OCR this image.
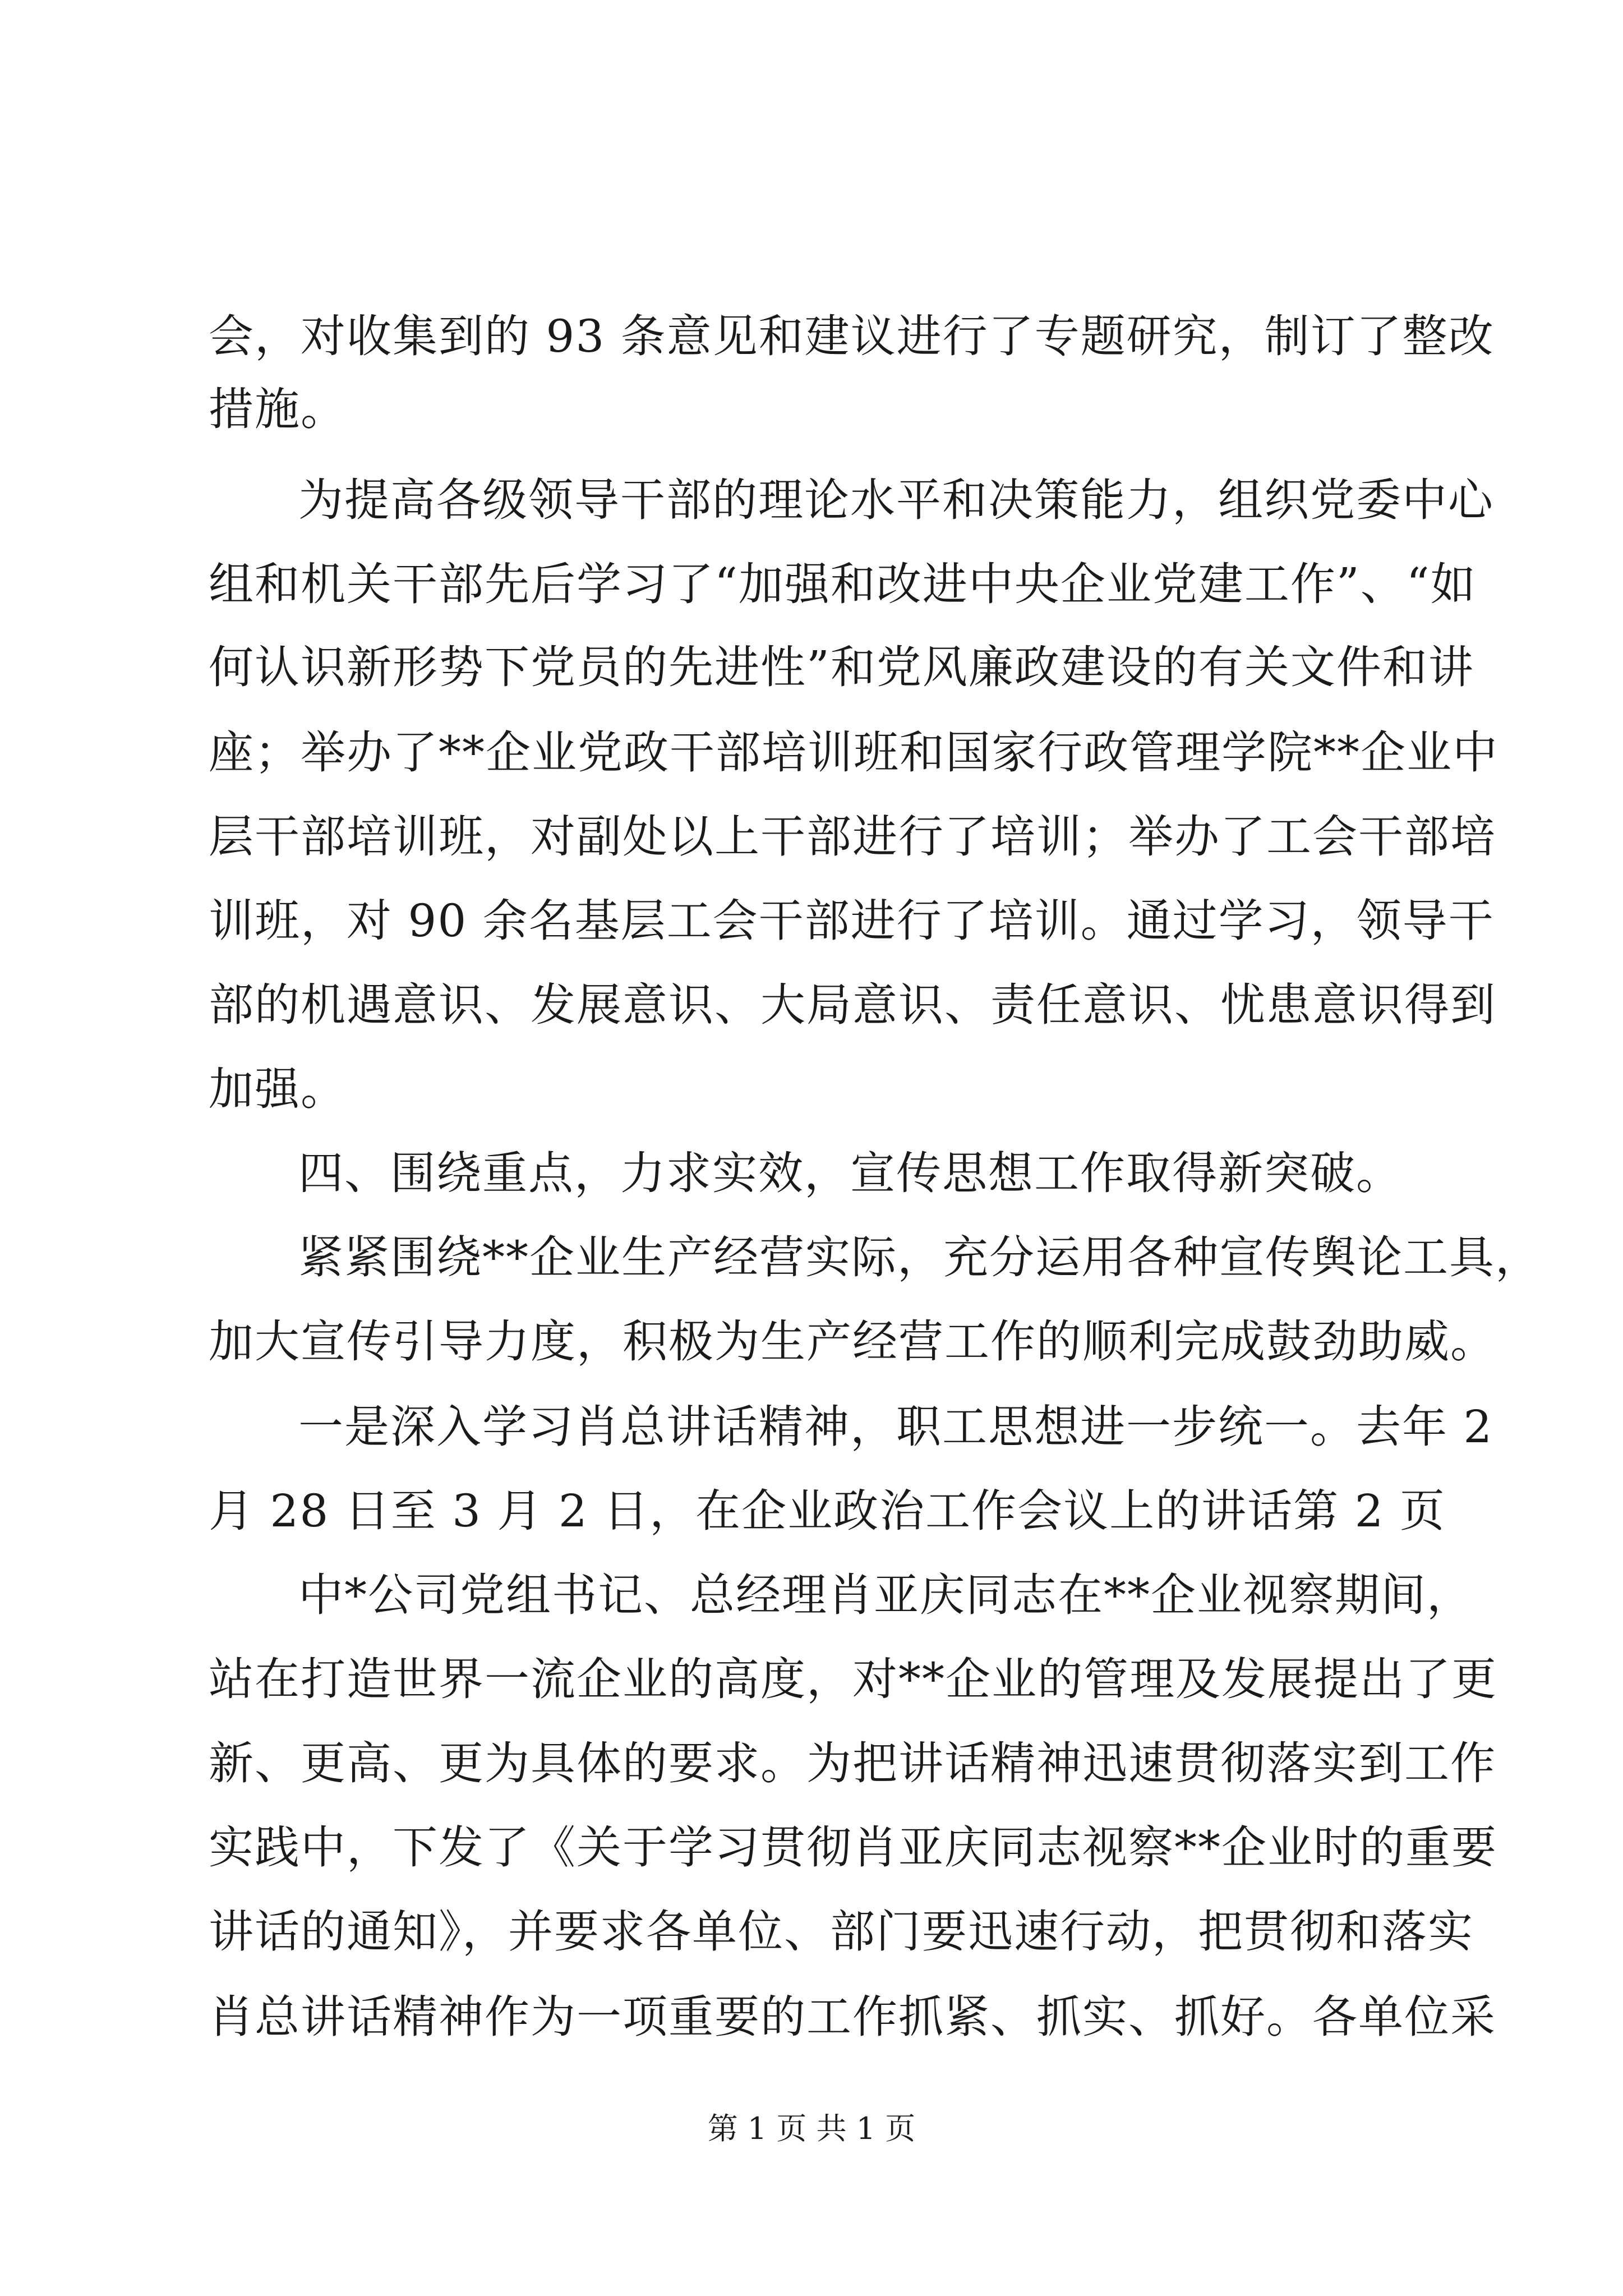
会，对收集到的 93 条意见和建议进行了专题研究，制订了整改
措施。
为提高各级领导干部的理论水平和决策能力，组织党委中心
组和机关干部先后学习了“加强和改进中央企业党建工作”、“如
何认识新形势下党员的先进性”和党风廉政建设的有关文件和讲
座；举办了**企业党政干部培训班和国家行政管理学院**企业中
层干部培训班，对副处以上干部进行了培训；举办了工会干部培
训班，对 90 余名基层工会干部进行了培训。通过学习，领导干
部的机遇意识、发展意识、大局意识、责任意识、忧患意识得到
加强。
四、围绕重点，力求实效，宣传思想工作取得新突破。
紧紧围绕**企业生产经营实际，充分运用各种宣传舆论工具，
加大宣传引导力度，积极为生产经营工作的顺利完成鼓劲助威。
一是深入学习肖总讲话精神，职工思想进一步统一。去年 2
月 28 日至 3 月 2 日，在企业政治工作会议上的讲话第 2 页
中*公司党组书记、总经理肖亚庆同志在**企业视察期间，
站在打造世界一流企业的高度，对**企业的管理及发展提出了更
新、更高、更为具体的要求。为把讲话精神迅速贯彻落实到工作
实践中，下发了《关于学习贯彻肖亚庆同志视察**企业时的重要
讲话的通知》，并要求各单位、部门要迅速行动，把贯彻和落实
肖总讲话精神作为一项重要的工作抓紧、抓实、抓好。各单位采
第 1 页 共 1 页
